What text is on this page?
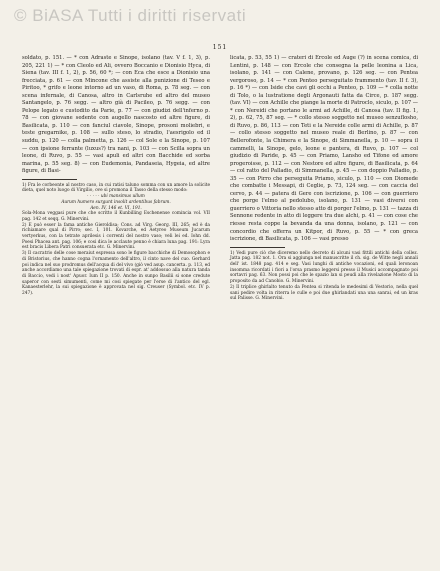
© BiASA Tutti i diritti riservati
151

soldato, p. 151. — * con Adraste e Sinope, isolano (tav. V f. 1, 3), p. 205, 221 1) — * con Cleolo ed Ali, ovvero Boccanio e Dionisio Hyca, di Siena (tav. III f. 1, 2), p. 56, 60 *; — con Eca che esce a Dionisio una frecciata, p. 61 — con Mincone che assiste alla punizione di Teseo e Piritoo, * grifo e leone intorno ad un vaso, di Roma, p. 78 seg. — con scena infernale, di Canosa, altro in Carlsruhe ed altro del museo Santangelo, p. 76 segg. — altro già di Pacileo, p. 76 segg. — con Pelope legato e custodito da Parie, p. 77 — con giudizi dell'inferno p. 78 — con giovane sedente con augello nascosto ed altre figure, di Basilicata, p. 110 — con fanciul ciavole, Sinope, prosoni moliebri, e teste gregarnike, p. 108 — sullo steso, lo stradio, l'aesrigolo ed il suddu, p. 120 — colla palmetta, p. 126 — col Sole e la Sinope, p. 107 — con ipsione ferrante (luxus?) tra nani, p. 103 — con Scilla sopra un leone, di Ruvo, p. 55 — vasi apuli ed altri con Bacchide ed sorba marina, p. 55 seg. 8) — con Eudemonia, Pandaseia, Hygeia, ed altre figure, di Basi-

1) Fra le corbeonte al nostro caso, in cui ratisi taluno somma con un amore la solicite dieta, quel noto luogo di Virgilio, ove si promona il Tasso della stesso modo:

· · · · · ubi mansimus ullum

Aurum humero surgunt insolit ardentibus fabrum.

Aen. IV, 146 et. VI, 191.

Sola-Mona veggasi pure che che scritto il Kunbilling Eschenense comincia vol. VII pag. 142 et seqq. G. Minervini.

2) E può esser la fama antiche Gieroldisa; Cons. ad Virg. Georg. III, 265; ed è da richiamare qual di Pirro; sec. I, 101. Kovarche, ed Aetyreo Museum Jucarum vertyerkus, con la tetrate aprilesis i correnti del nostro vaso; veli lei ed. Iohn dd. Poesi Phacea ant. pag. 106; e cosi dica le acclaute penno è chiara luna pag. 191: Lyra est bracis Libera Patri consuerata etc. G. Minervini.

3) Il cacratrio delle cose meraiut espressa sono le figure bacchiche di Demosophon e di Bristorius, che hanno cogna l'ornamento dell'altro, il cinto nave del cuo. Gerhard poi indica nel suo prodromus dell'acqua di del vivo (giò ved asup. cancerta. p. 113, ed anche accordiamo una tale spiegazione trovati di espr. at' addossuo alla natura tanda di Baccio, vedi i nost' Apuor. Ium II p. 150. Anche in sunpo Basilii si sone credute saperor con sesti simumenti, come mi cosi spiegate per l'erse di l'antico del egl. Kanaesterlehr, la sui spiegazione è approvata nel sig. Creuser (Symbol. etc. IV p. 247).

licata, p. 53, 55 1) — crateri di Ercole ed Auge (?) in scena comica, di Lentini, p. 148 — con Ercole che consegna la pelle leonina a Lica, isolano, p. 141 — con Calene, provano, p. 126 seg. — con Pentea vergoroso, p. 14 — * con Penteo perseguitato frammento (tav. II f. 3), p. 16 *) — con Iside che cavi gli occhi a Penteo, p. 109 — * colla notte di Tolo, o la lustratione degli Argonauti fatta da Circe, p. 187 segg. (tav. VI) — con Achille che piange la morte di Patroclo, siculo, p. 107 — * con Nereidi che portano le armi ad Achille, di Canosa (tav. II fig. 1, 2), p. 62, 75, 87 seg. — * collo stesso soggetto nel museo senzuflosho, di Ruvo, p. 86, 113 — con Teti e la Nereide colle armi di Achille, p. 87 — collo stesso soggetto nel museo reale di Berlino, p. 87 — con Bellerofonte, la Chimera e la Sinope, di Simmanella, p. 10 — sopra il cammelli, la Sinope, gelo, leone e pantera, di Ruvo, p. 107 — col giudizio di Paride, p. 45 — con Priamo, Lansho ed Tifone ed amore progeroisse, p. 112 — con Nestore ed altre figure, di Basilicata, p. 64 — col ratto del Palladio, di Simmanella, p. 45 — con doppio Palladio, p. 35 — con Pirro che perseguita Priamo, siculo, p. 110 — con Diomede che combatte i Messapi, di Ceglie, p. 73, 124 seg. — con caccia del cervo, p. 44 — patera di Gere con iscrizione, p. 106 — con guerriero che porge l'elmo al pedolubo, isolano, p. 131 — vasi diversi con guerriero o Vittoria nello stesso atto di porger l'elmo, p. 131 — tazza di Sennone redente in atto di leggere tra due alchi, p. 41 — con cose che riesse resta coppe la bevanda da una donna, isolano, p. 121 — con concordio che offerra un Kitpor, di Ruvo, p. 55 — * con greca iscrizione, di Basilicata, p. 106 — vasi presso

1) Vedi pure ciò che diceremo nello decreto di alcuni vasi fittili antichi della collez. Jatta pag. 182 not. 1. Ora si aggiunga nel manuscritte il ch. sig. de Witte negli annali dell' ist. 1848 pag. 414 e seg. Vasi lunghi di antiche vocazioni, ed quali leronoan insomma ricordati i fiori a l'orsa prasmo leggersi presso il Musici accompagnato poi sortavri pag. 63. Non possi poi che le spazio lan si peudi alla rivelazione Mosto di la proposito da ad Canobio. G. Minervini.

2) Il triplice ghirlalto tenuto da Pentea si ritenda le medesimi di Vestorio, nella quel sani pedire volta in riterra le culle e poi due ghirlandati una una sanrai, ed un kras sul Palisse. G. Minervini.
